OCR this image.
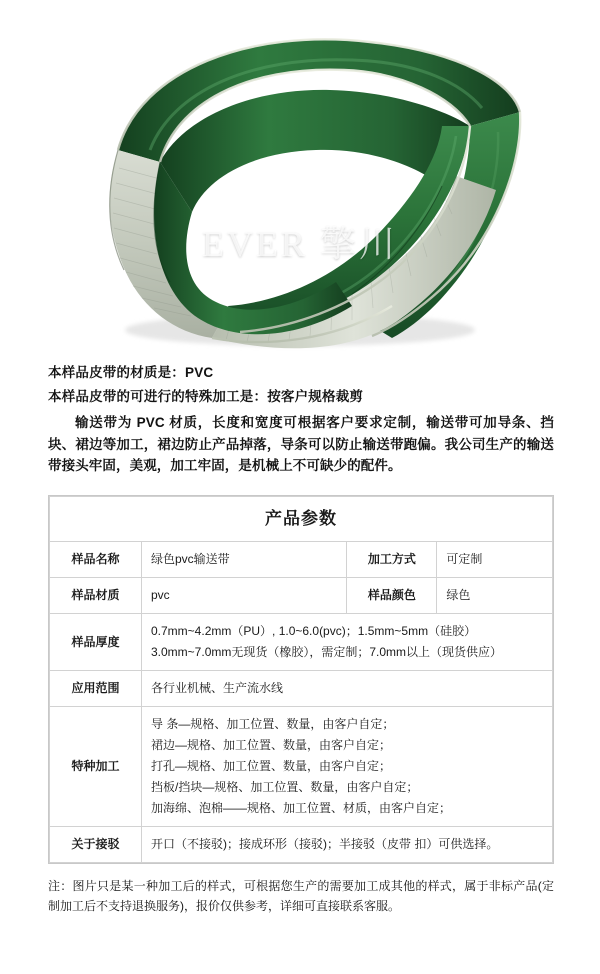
EVER 擎川

本样品皮带的材质是：PVC

本样品皮带的可进行的特殊加工是：按客户规格裁剪

输送带为 PVC 材质，长度和宽度可根据客户要求定制，输送带可加导条、挡块、裙边等加工，裙边防止产品掉落，导条可以防止输送带跑偏。我公司生产的输送带接头牢固，美观，加工牢固，是机械上不可缺少的配件。

产品参数			
样品名称	绿色pvc输送带	加工方式	可定制
样品材质	pvc	样品颜色	绿色
样品厚度	0.7mm~4.2mm（PU）, 1.0~6.0(pvc)；1.5mm~5mm（硅胶）
3.0mm~7.0mm无现货（橡胶），需定制；7.0mm以上（现货供应）		

应用范围	各行业机械、生产流水线		
特种加工	导 条—规格、加工位置、数量，由客户自定；
裙边—规格、加工位置、数量，由客户自定；
打孔—规格、加工位置、数量，由客户自定；
挡板/挡块—规格、加工位置、数量，由客户自定；
加海绵、泡棉——规格、加工位置、材质，由客户自定；		

关于接驳	开口（不接驳)；接成环形（接驳)；半接驳（皮带 扣）可供选择。		
注：图片只是某一种加工后的样式，可根据您生产的需要加工成其他的样式，属于非标产品(定制加工后不支持退换服务)，报价仅供参考，详细可直接联系客服。
